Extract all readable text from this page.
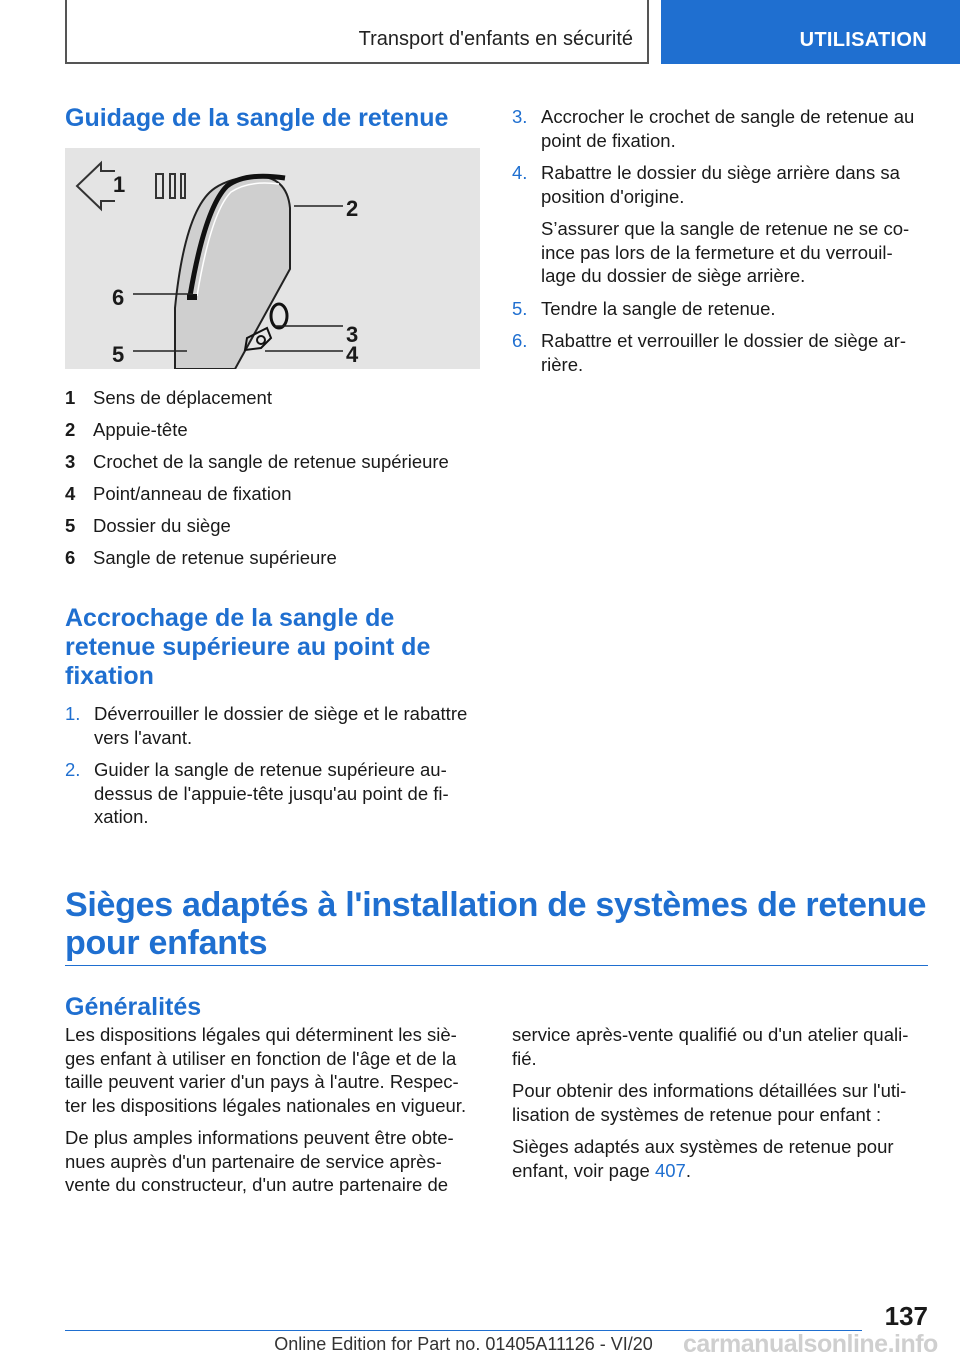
Transport d'enfants en sécurité	UTILISATION
Guidage de la sangle de retenue
1
2
3
4
5
6
1 Sens de déplacement
2 Appuie-tête
3 Crochet de la sangle de retenue supérieure
4 Point/anneau de fixation
5 Dossier du siège
6 Sangle de retenue supérieure
Accrochage de la sangle de
retenue supérieure au point de
fixation
1. Déverrouiller le dossier de siège et le rabattre
vers l'avant.
2. Guider la sangle de retenue supérieure au-
dessus de l'appuie-tête jusqu'au point de fi-
xation.
3. Accrocher le crochet de sangle de retenue au
point de fixation.
4. Rabattre le dossier du siège arrière dans sa
position d'origine.
S’assurer que la sangle de retenue ne se co-
ince pas lors de la fermeture et du verrouil-
lage du dossier de siège arrière.
5. Tendre la sangle de retenue.
6. Rabattre et verrouiller le dossier de siège ar-
rière.
Sièges adaptés à l'installation de systèmes de retenue
pour enfants
Généralités

Les dispositions légales qui déterminent les siè-
ges enfant à utiliser en fonction de l'âge et de la
taille peuvent varier d'un pays à l'autre. Respec-
ter les dispositions légales nationales en vigueur.

De plus amples informations peuvent être obte-
nues auprès d'un partenaire de service après-
vente du constructeur, d'un autre partenaire de

service après-vente qualifié ou d'un atelier quali-
fié.

Pour obtenir des informations détaillées sur l'uti-
lisation de systèmes de retenue pour enfant :

Sièges adaptés aux systèmes de retenue pour
enfant, voir page 407.

137
Online Edition for Part no. 01405A11126 - VI/20	carmanualsonline.info
